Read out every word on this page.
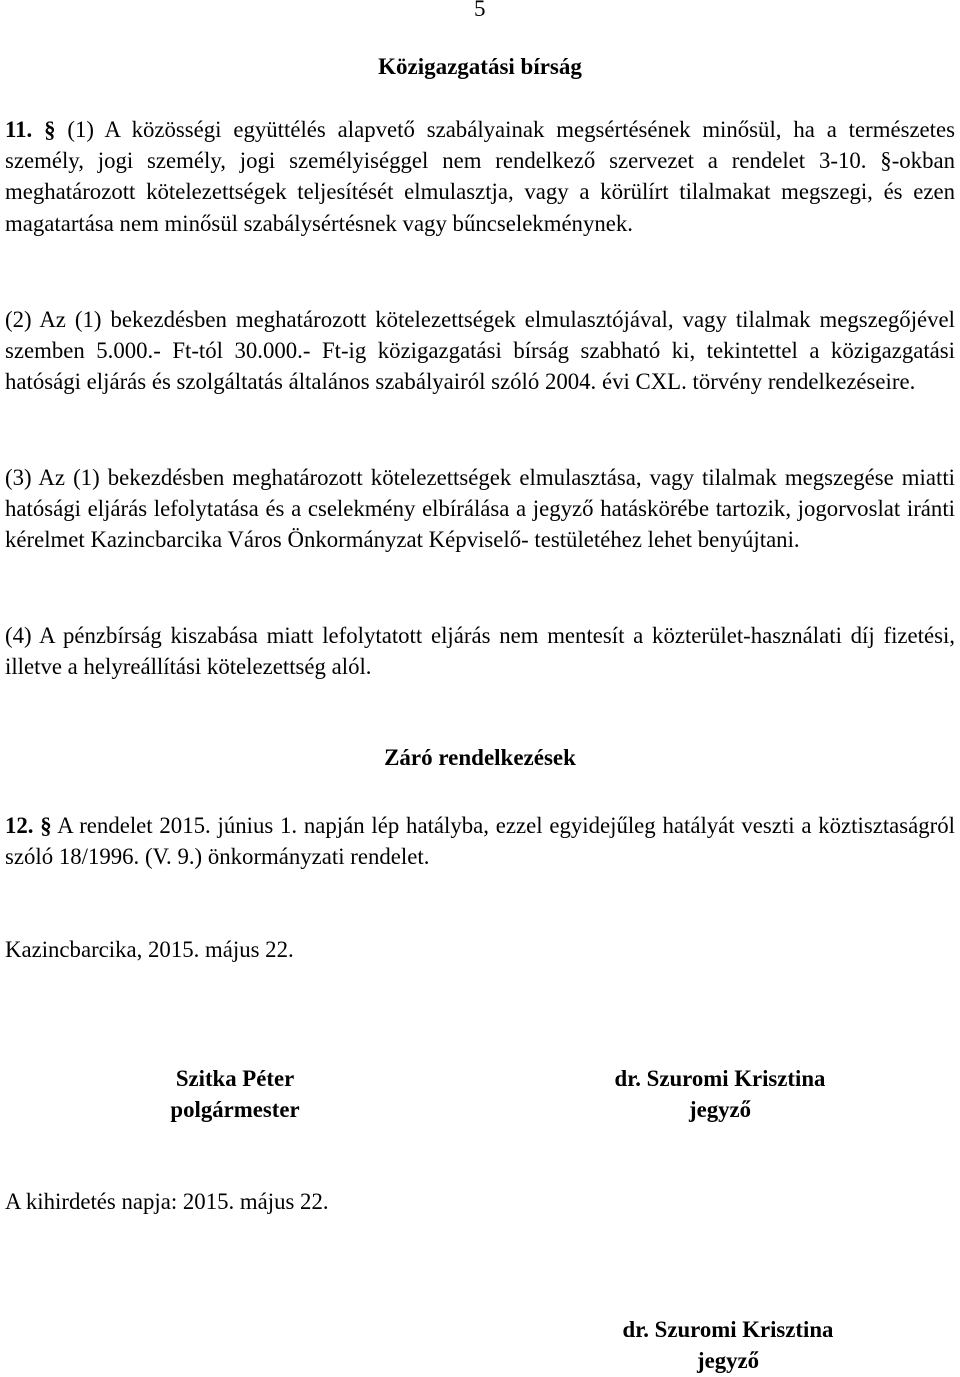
5
Közigazgatási bírság
11. § (1) A közösségi együttélés alapvető szabályainak megsértésének minősül, ha a természetes személy, jogi személy, jogi személyiséggel nem rendelkező szervezet a rendelet 3-10. §-okban meghatározott kötelezettségek teljesítését elmulasztja, vagy a körülírt tilalmakat megszegi, és ezen magatartása nem minősül szabálysértésnek vagy bűncselekménynek.
(2) Az (1) bekezdésben meghatározott kötelezettségek elmulasztójával, vagy tilalmak megszegőjével szemben 5.000.- Ft-tól 30.000.- Ft-ig közigazgatási bírság szabható ki, tekintettel a közigazgatási hatósági eljárás és szolgáltatás általános szabályairól szóló 2004. évi CXL. törvény rendelkezéseire.
(3) Az (1) bekezdésben meghatározott kötelezettségek elmulasztása, vagy tilalmak megszegése miatti hatósági eljárás lefolytatása és a cselekmény elbírálása a jegyző hatáskörébe tartozik, jogorvoslat iránti kérelmet Kazincbarcika Város Önkormányzat Képviselő- testületéhez lehet benyújtani.
(4) A pénzbírság kiszabása miatt lefolytatott eljárás nem mentesít a közterület-használati díj fizetési, illetve a helyreállítási kötelezettség alól.
Záró rendelkezések
12. § A rendelet 2015. június 1. napján lép hatályba, ezzel egyidejűleg hatályát veszti a köztisztaságról szóló 18/1996. (V. 9.) önkormányzati rendelet.
Kazincbarcika, 2015. május 22.
Szitka Péter
polgármester
dr. Szuromi Krisztina
jegyző
A kihirdetés napja: 2015. május 22.
dr. Szuromi Krisztina
jegyző
